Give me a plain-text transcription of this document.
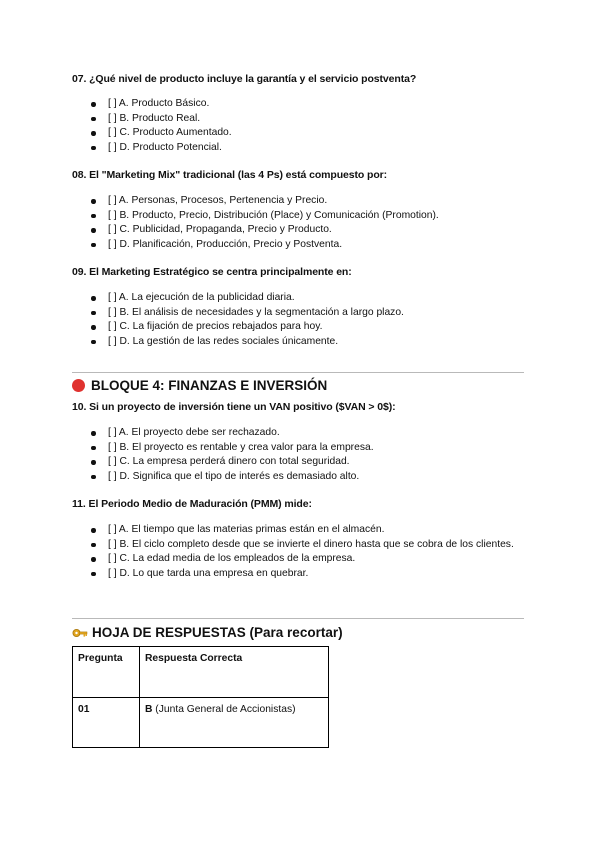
07. ¿Qué nivel de producto incluye la garantía y el servicio postventa?

[ ] A. Producto Básico.
[ ] B. Producto Real.
[ ] C. Producto Aumentado.
[ ] D. Producto Potencial.

08. El "Marketing Mix" tradicional (las 4 Ps) está compuesto por:

[ ] A. Personas, Procesos, Pertenencia y Precio.
[ ] B. Producto, Precio, Distribución (Place) y Comunicación (Promotion).
[ ] C. Publicidad, Propaganda, Precio y Producto.
[ ] D. Planificación, Producción, Precio y Postventa.

09. El Marketing Estratégico se centra principalmente en:

[ ] A. La ejecución de la publicidad diaria.
[ ] B. El análisis de necesidades y la segmentación a largo plazo.
[ ] C. La fijación de precios rebajados para hoy.
[ ] D. La gestión de las redes sociales únicamente.
BLOQUE 4: FINANZAS E INVERSIÓN

10. Si un proyecto de inversión tiene un VAN positivo ($VAN > 0$):

[ ] A. El proyecto debe ser rechazado.
[ ] B. El proyecto es rentable y crea valor para la empresa.
[ ] C. La empresa perderá dinero con total seguridad.
[ ] D. Significa que el tipo de interés es demasiado alto.

11. El Periodo Medio de Maduración (PMM) mide:

[ ] A. El tiempo que las materias primas están en el almacén.
[ ] B. El ciclo completo desde que se invierte el dinero hasta que se cobra de los clientes.
[ ] C. La edad media de los empleados de la empresa.
[ ] D. Lo que tarda una empresa en quebrar.
HOJA DE RESPUESTAS (Para recortar)
Pregunta	Respuesta Correcta
01	B (Junta General de Accionistas)
